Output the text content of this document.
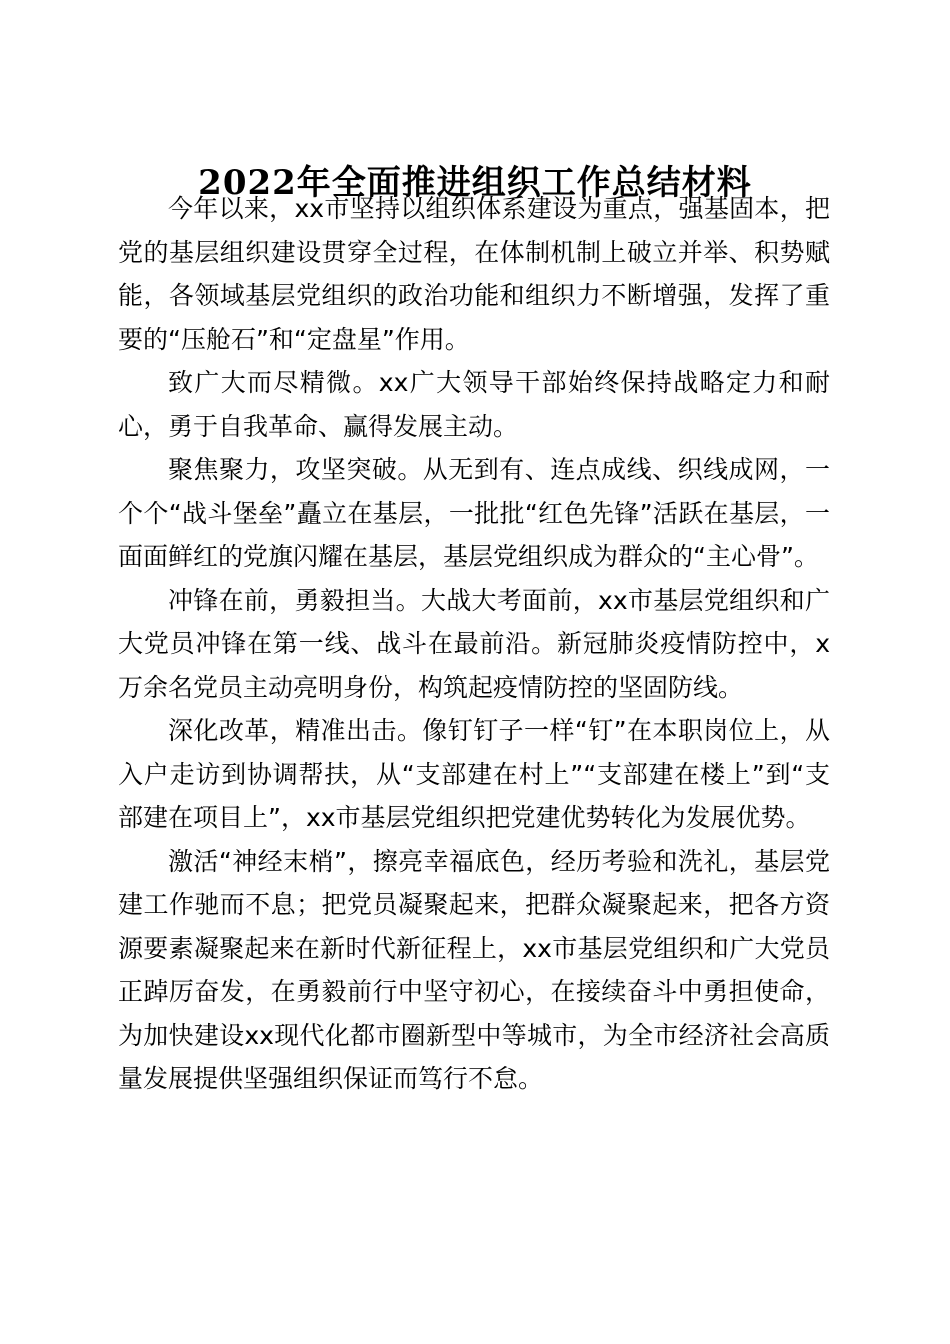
2022年全面推进组织工作总结材料

今年以来，xx市坚持以组织体系建设为重点，强基固本，把党的基层组织建设贯穿全过程，在体制机制上破立并举、积势赋能，各领域基层党组织的政治功能和组织力不断增强，发挥了重要的“压舱石”和“定盘星”作用。

致广大而尽精微。xx广大领导干部始终保持战略定力和耐心，勇于自我革命、赢得发展主动。

聚焦聚力，攻坚突破。从无到有、连点成线、织线成网，一个个“战斗堡垒”矗立在基层，一批批“红色先锋”活跃在基层，一面面鲜红的党旗闪耀在基层，基层党组织成为群众的“主心骨”。

冲锋在前，勇毅担当。大战大考面前，xx市基层党组织和广大党员冲锋在第一线、战斗在最前沿。新冠肺炎疫情防控中，x万余名党员主动亮明身份，构筑起疫情防控的坚固防线。

深化改革，精准出击。像钉钉子一样“钉”在本职岗位上，从入户走访到协调帮扶，从“支部建在村上”“支部建在楼上”到“支部建在项目上”，xx市基层党组织把党建优势转化为发展优势。

激活“神经末梢”，擦亮幸福底色，经历考验和洗礼，基层党建工作驰而不息；把党员凝聚起来，把群众凝聚起来，把各方资源要素凝聚起来在新时代新征程上，xx市基层党组织和广大党员正踔厉奋发，在勇毅前行中坚守初心，在接续奋斗中勇担使命，为加快建设xx现代化都市圈新型中等城市，为全市经济社会高质量发展提供坚强组织保证而笃行不怠。
